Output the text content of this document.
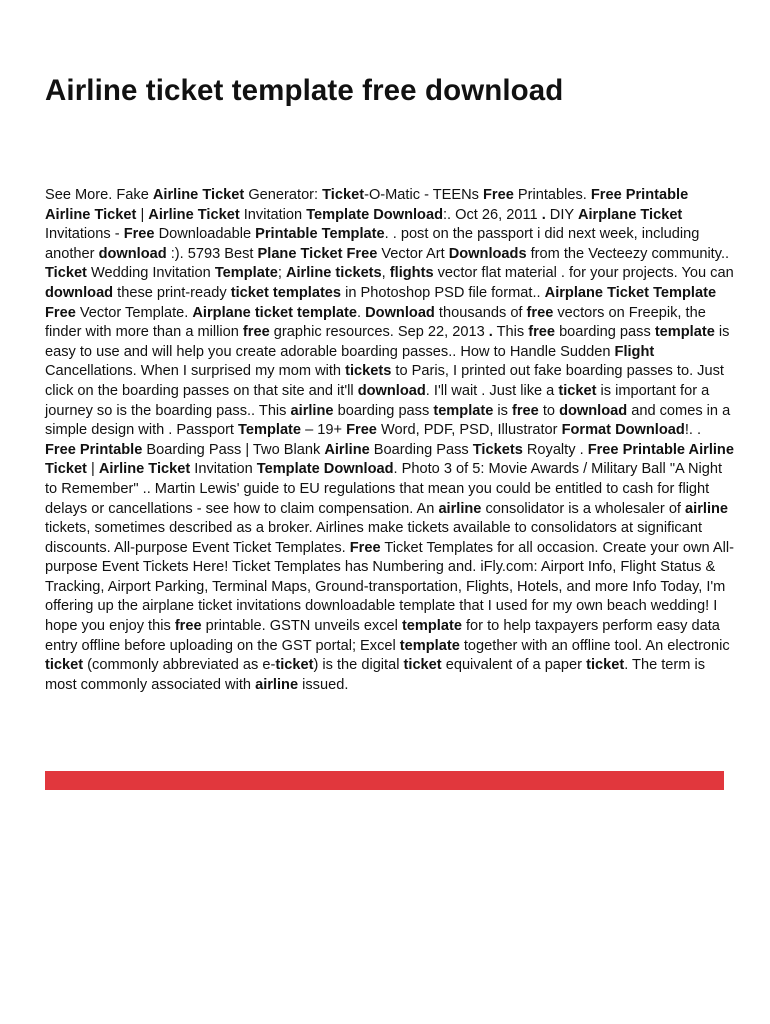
Airline ticket template free download

See More. Fake Airline Ticket Generator: Ticket-O-Matic - TEENs Free Printables. Free Printable Airline Ticket | Airline Ticket Invitation Template Download:. Oct 26, 2011 . DIY Airplane Ticket Invitations - Free Downloadable Printable Template. . post on the passport i did next week, including another download :). 5793 Best Plane Ticket Free Vector Art Downloads from the Vecteezy community.. Ticket Wedding Invitation Template; Airline tickets, flights vector flat material . for your projects. You can download these print-ready ticket templates in Photoshop PSD file format.. Airplane Ticket Template Free Vector Template. Airplane ticket template. Download thousands of free vectors on Freepik, the finder with more than a million free graphic resources. Sep 22, 2013 . This free boarding pass template is easy to use and will help you create adorable boarding passes.. How to Handle Sudden Flight Cancellations. When I surprised my mom with tickets to Paris, I printed out fake boarding passes to. Just click on the boarding passes on that site and it'll download. I'll wait . Just like a ticket is important for a journey so is the boarding pass.. This airline boarding pass template is free to download and comes in a simple design with . Passport Template – 19+ Free Word, PDF, PSD, Illustrator Format Download!. . Free Printable Boarding Pass | Two Blank Airline Boarding Pass Tickets Royalty . Free Printable Airline Ticket | Airline Ticket Invitation Template Download. Photo 3 of 5: Movie Awards / Military Ball "A Night to Remember" .. Martin Lewis' guide to EU regulations that mean you could be entitled to cash for flight delays or cancellations - see how to claim compensation. An airline consolidator is a wholesaler of airline tickets, sometimes described as a broker. Airlines make tickets available to consolidators at significant discounts. All-purpose Event Ticket Templates. Free Ticket Templates for all occasion. Create your own All-purpose Event Tickets Here! Ticket Templates has Numbering and. iFly.com: Airport Info, Flight Status & Tracking, Airport Parking, Terminal Maps, Ground-transportation, Flights, Hotels, and more Info Today, I'm offering up the airplane ticket invitations downloadable template that I used for my own beach wedding! I hope you enjoy this free printable. GSTN unveils excel template for to help taxpayers perform easy data entry offline before uploading on the GST portal; Excel template together with an offline tool. An electronic ticket (commonly abbreviated as e-ticket) is the digital ticket equivalent of a paper ticket. The term is most commonly associated with airline issued.
